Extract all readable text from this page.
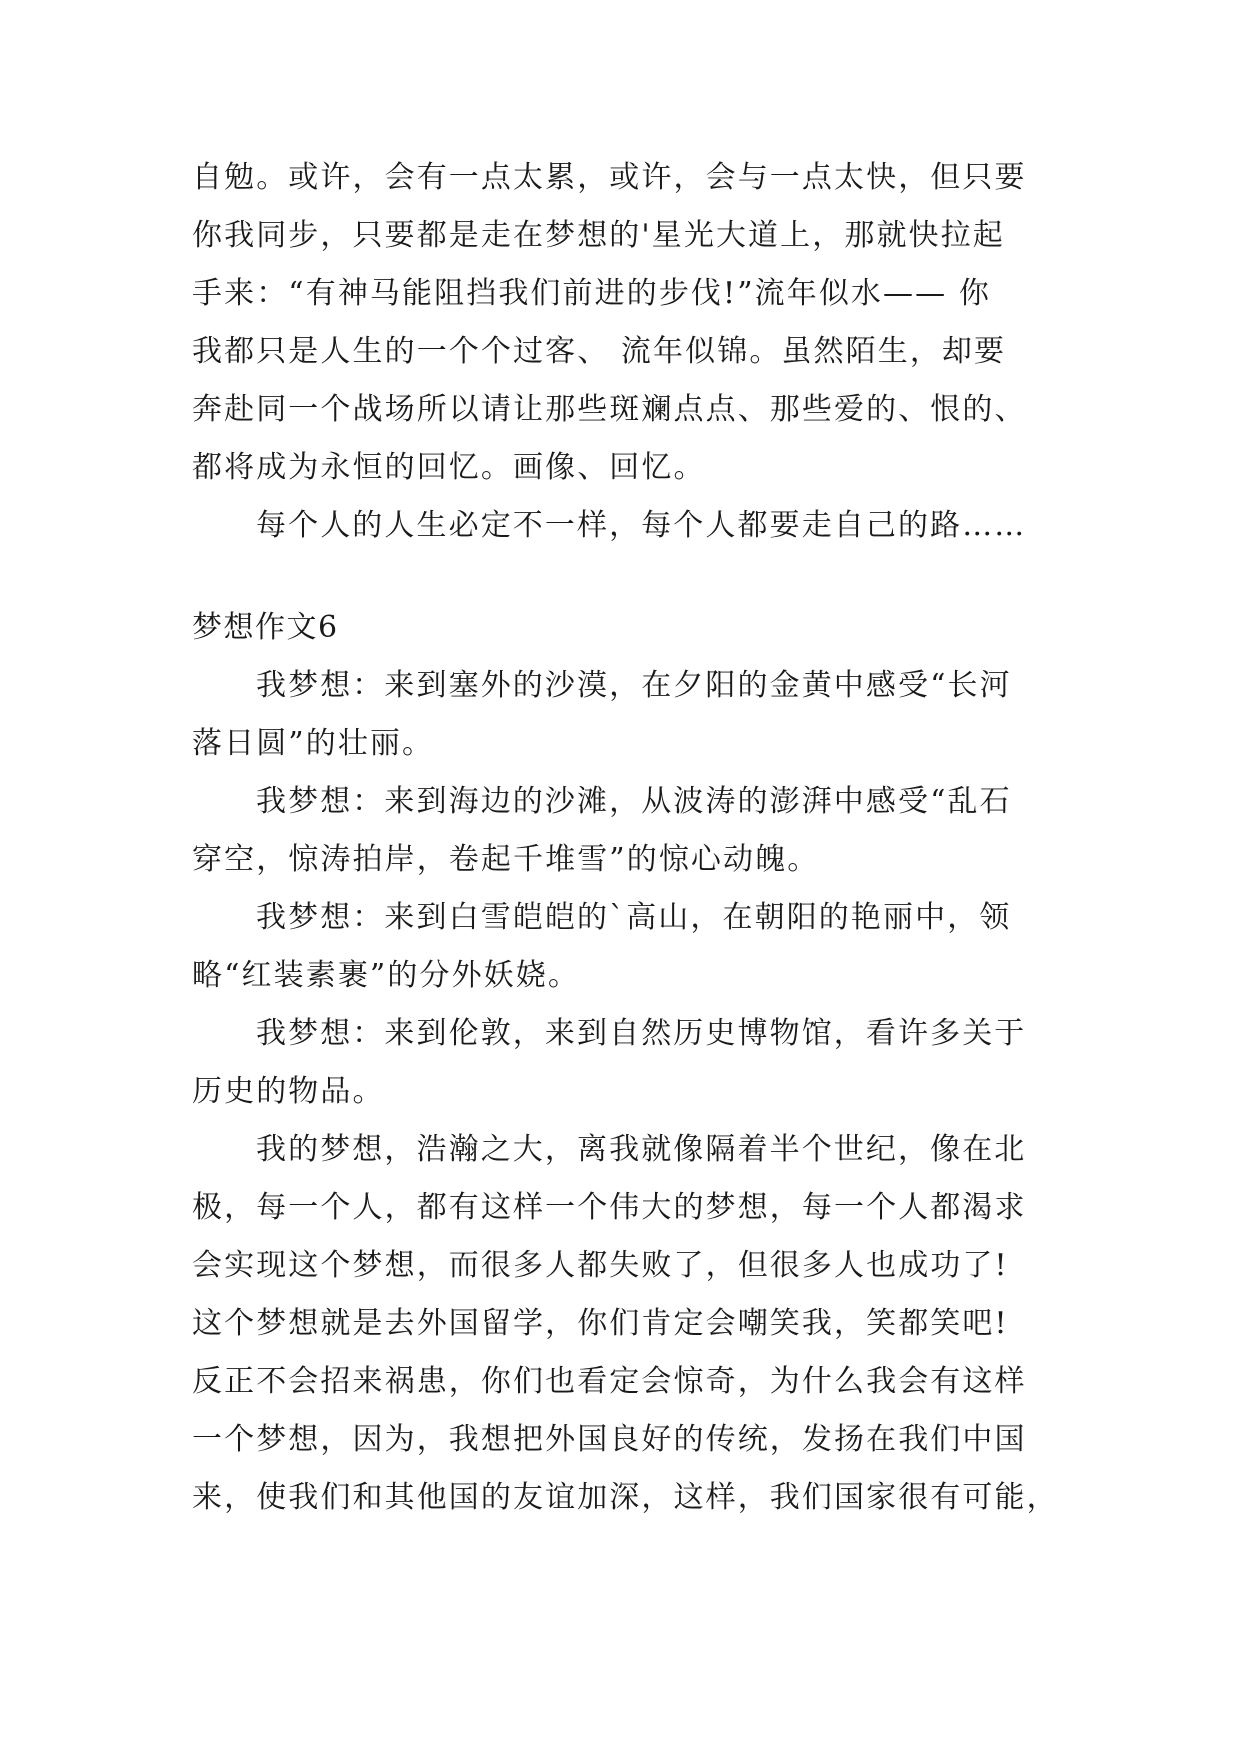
自勉。或许，会有一点太累，或许，会与一点太快，但只要
你我同步，只要都是走在梦想的'星光大道上，那就快拉起
手来：“有神马能阻挡我们前进的步伐!”流年似水—— 你
我都只是人生的一个个过客、 流年似锦。虽然陌生，却要
奔赴同一个战场所以请让那些斑斓点点、那些爱的、恨的、
都将成为永恒的回忆。画像、回忆。
每个人的人生必定不一样，每个人都要走自己的路……
梦想作文6
我梦想：来到塞外的沙漠，在夕阳的金黄中感受“长河
落日圆”的壮丽。
我梦想：来到海边的沙滩，从波涛的澎湃中感受“乱石
穿空，惊涛拍岸，卷起千堆雪”的惊心动魄。
我梦想：来到白雪皑皑的`高山，在朝阳的艳丽中，领
略“红装素裹”的分外妖娆。
我梦想：来到伦敦，来到自然历史博物馆，看许多关于
历史的物品。
我的梦想，浩瀚之大，离我就像隔着半个世纪，像在北
极，每一个人，都有这样一个伟大的梦想，每一个人都渴求
会实现这个梦想，而很多人都失败了，但很多人也成功了!
这个梦想就是去外国留学，你们肯定会嘲笑我，笑都笑吧!
反正不会招来祸患，你们也看定会惊奇，为什么我会有这样
一个梦想，因为，我想把外国良好的传统，发扬在我们中国
来，使我们和其他国的友谊加深，这样，我们国家很有可能，
